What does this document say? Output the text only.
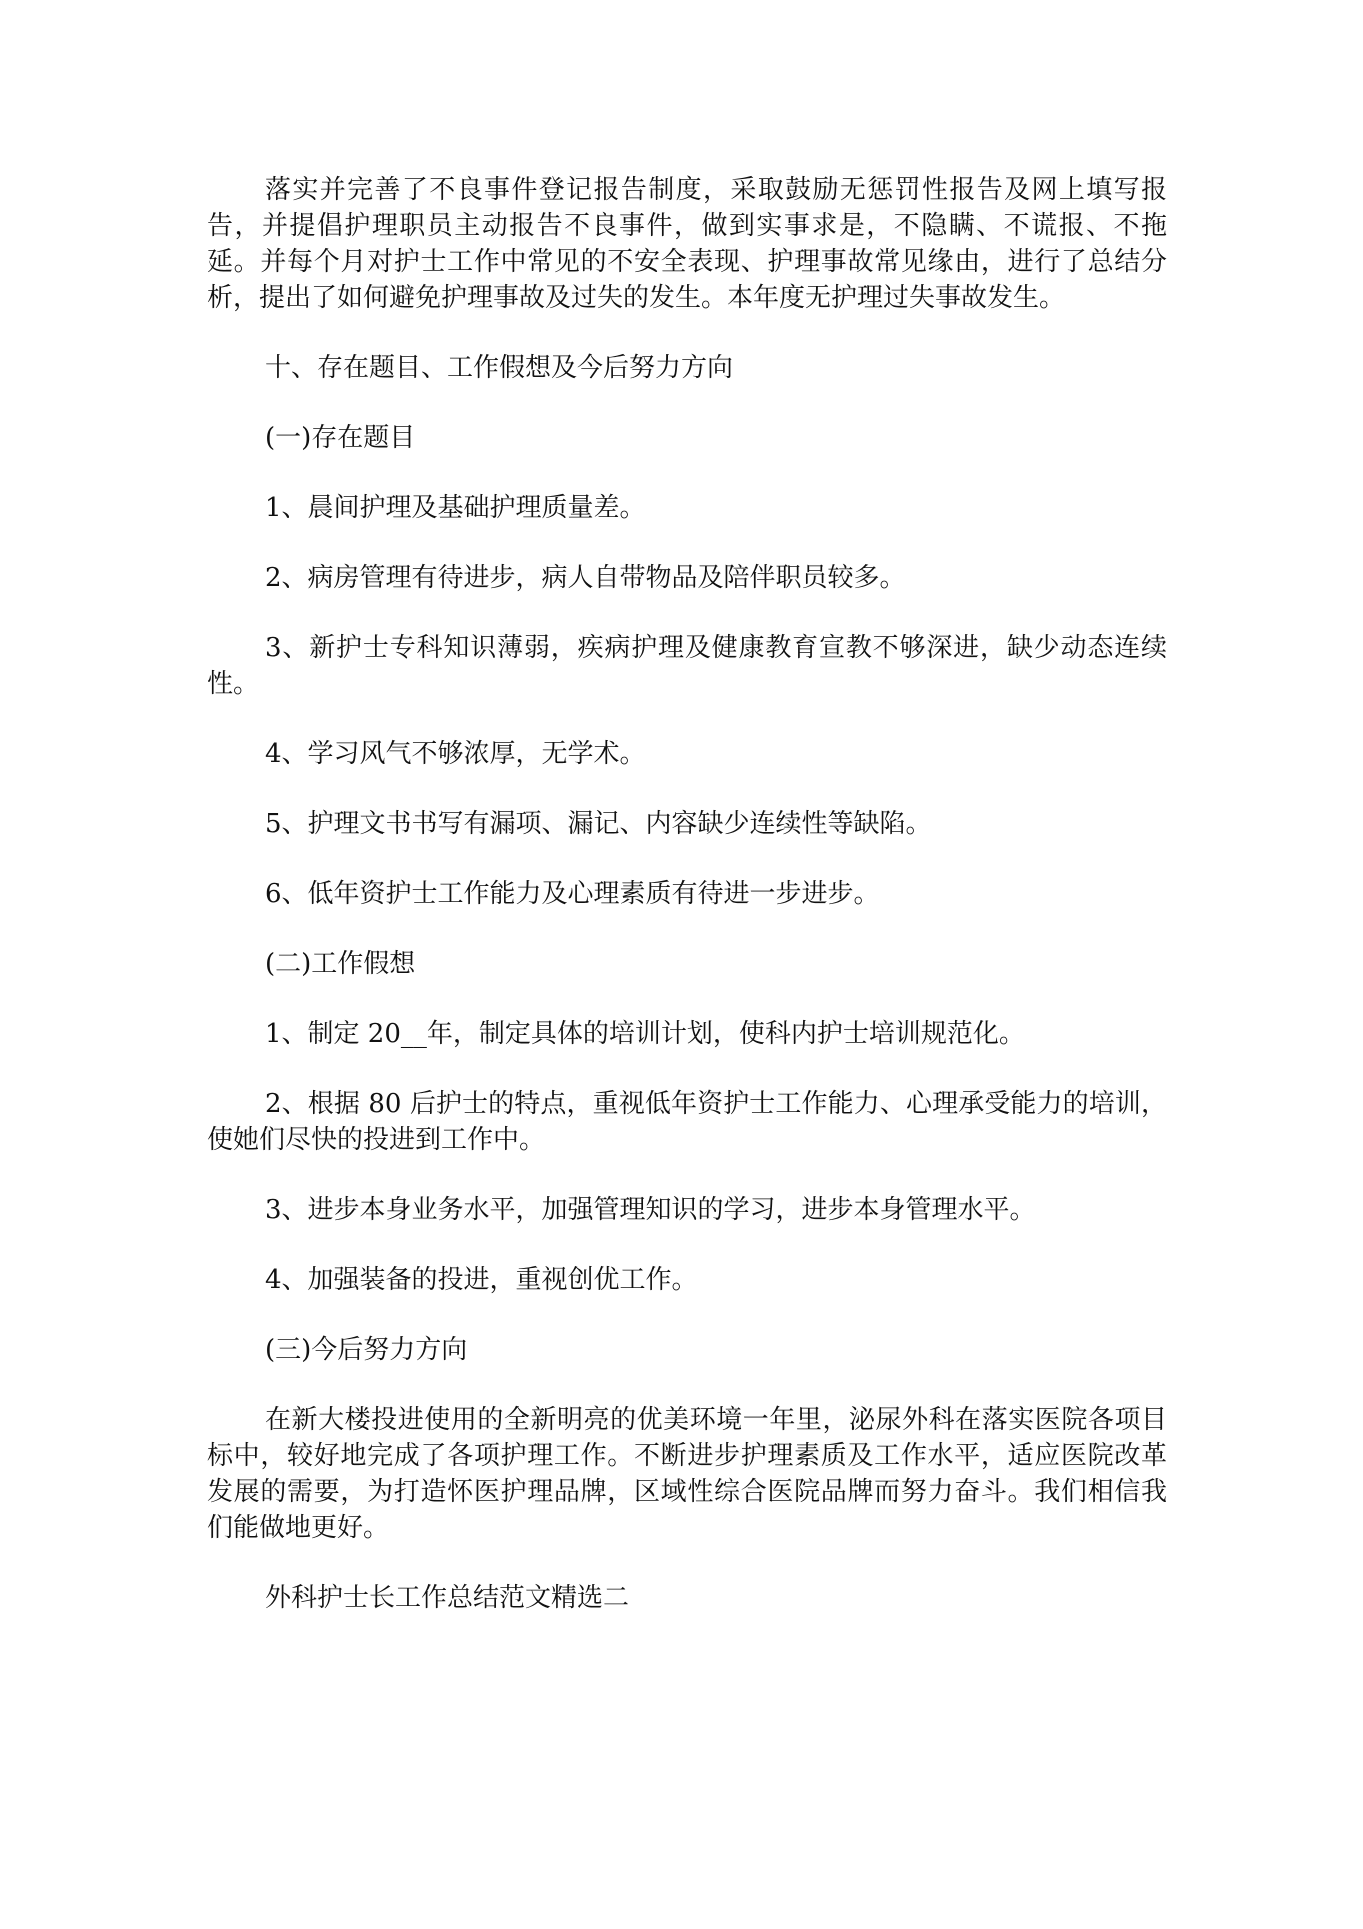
落实并完善了不良事件登记报告制度，采取鼓励无惩罚性报告及网上填写报告，并提倡护理职员主动报告不良事件，做到实事求是，不隐瞒、不谎报、不拖延。并每个月对护士工作中常见的不安全表现、护理事故常见缘由，进行了总结分析，提出了如何避免护理事故及过失的发生。本年度无护理过失事故发生。

十、存在题目、工作假想及今后努力方向

(一)存在题目

1、晨间护理及基础护理质量差。

2、病房管理有待进步，病人自带物品及陪伴职员较多。

3、新护士专科知识薄弱，疾病护理及健康教育宣教不够深进，缺少动态连续性。

4、学习风气不够浓厚，无学术。

5、护理文书书写有漏项、漏记、内容缺少连续性等缺陷。

6、低年资护士工作能力及心理素质有待进一步进步。

(二)工作假想

1、制定 20__年，制定具体的培训计划，使科内护士培训规范化。

2、根据 80 后护士的特点，重视低年资护士工作能力、心理承受能力的培训，使她们尽快的投进到工作中。

3、进步本身业务水平，加强管理知识的学习，进步本身管理水平。

4、加强装备的投进，重视创优工作。

(三)今后努力方向

在新大楼投进使用的全新明亮的优美环境一年里，泌尿外科在落实医院各项目标中，较好地完成了各项护理工作。不断进步护理素质及工作水平，适应医院改革发展的需要，为打造怀医护理品牌，区域性综合医院品牌而努力奋斗。我们相信我们能做地更好。

外科护士长工作总结范文精选二
